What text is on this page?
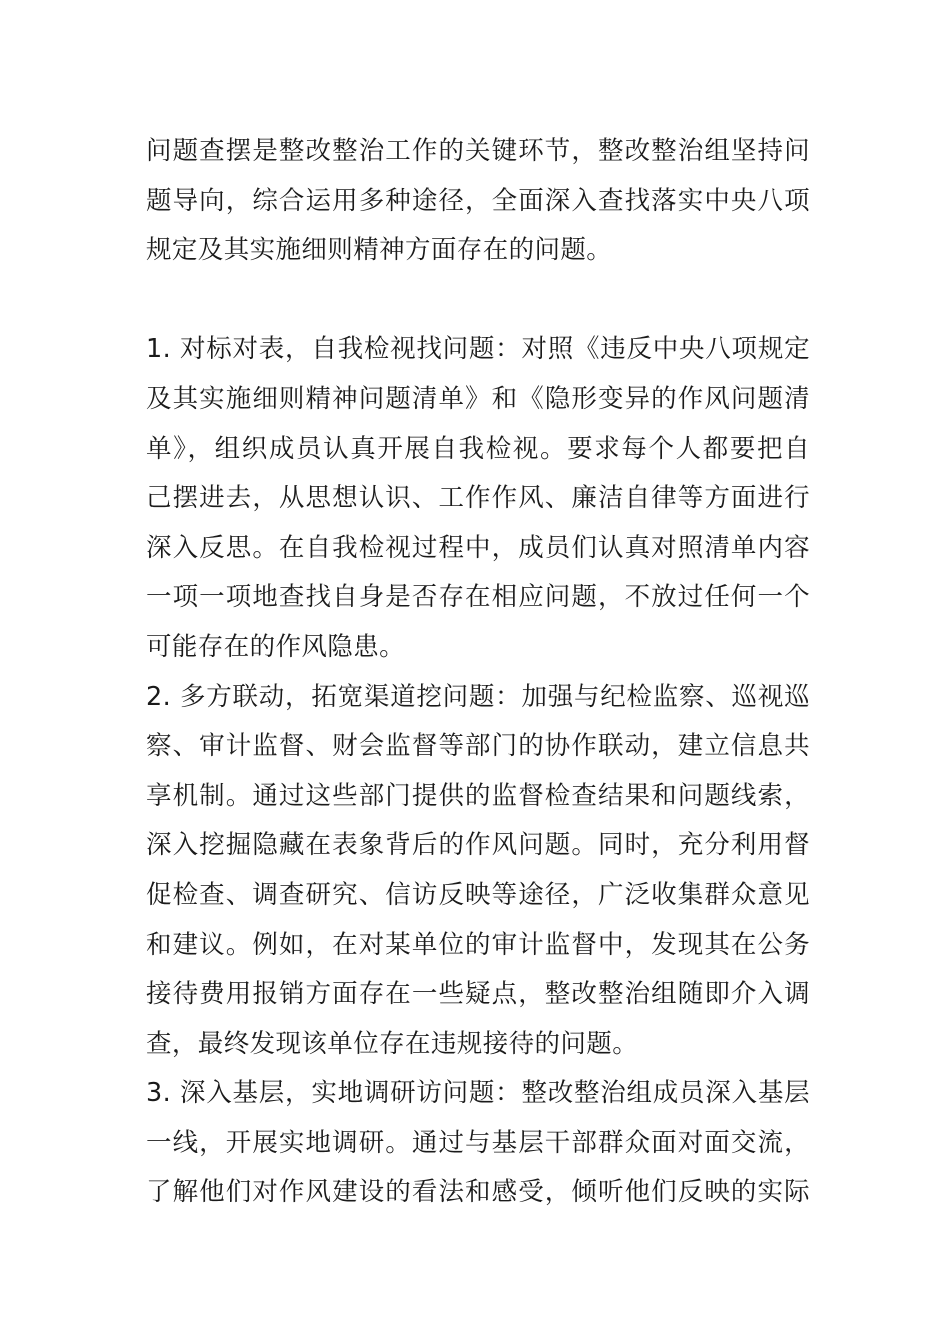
问题查摆是整改整治工作的关键环节，整改整治组坚持问
题导向，综合运用多种途径，全面深入查找落实中央八项
规定及其实施细则精神方面存在的问题。
1. 对标对表，自我检视找问题：对照《违反中央八项规定
及其实施细则精神问题清单》和《隐形变异的作风问题清
单》，组织成员认真开展自我检视。要求每个人都要把自
己摆进去，从思想认识、工作作风、廉洁自律等方面进行
深入反思。在自我检视过程中，成员们认真对照清单内容
一项一项地查找自身是否存在相应问题，不放过任何一个
可能存在的作风隐患。
2. 多方联动，拓宽渠道挖问题：加强与纪检监察、巡视巡
察、审计监督、财会监督等部门的协作联动，建立信息共
享机制。通过这些部门提供的监督检查结果和问题线索，
深入挖掘隐藏在表象背后的作风问题。同时，充分利用督
促检查、调查研究、信访反映等途径，广泛收集群众意见
和建议。例如，在对某单位的审计监督中，发现其在公务
接待费用报销方面存在一些疑点，整改整治组随即介入调
查，最终发现该单位存在违规接待的问题。
3. 深入基层，实地调研访问题：整改整治组成员深入基层
一线，开展实地调研。通过与基层干部群众面对面交流，
了解他们对作风建设的看法和感受，倾听他们反映的实际
